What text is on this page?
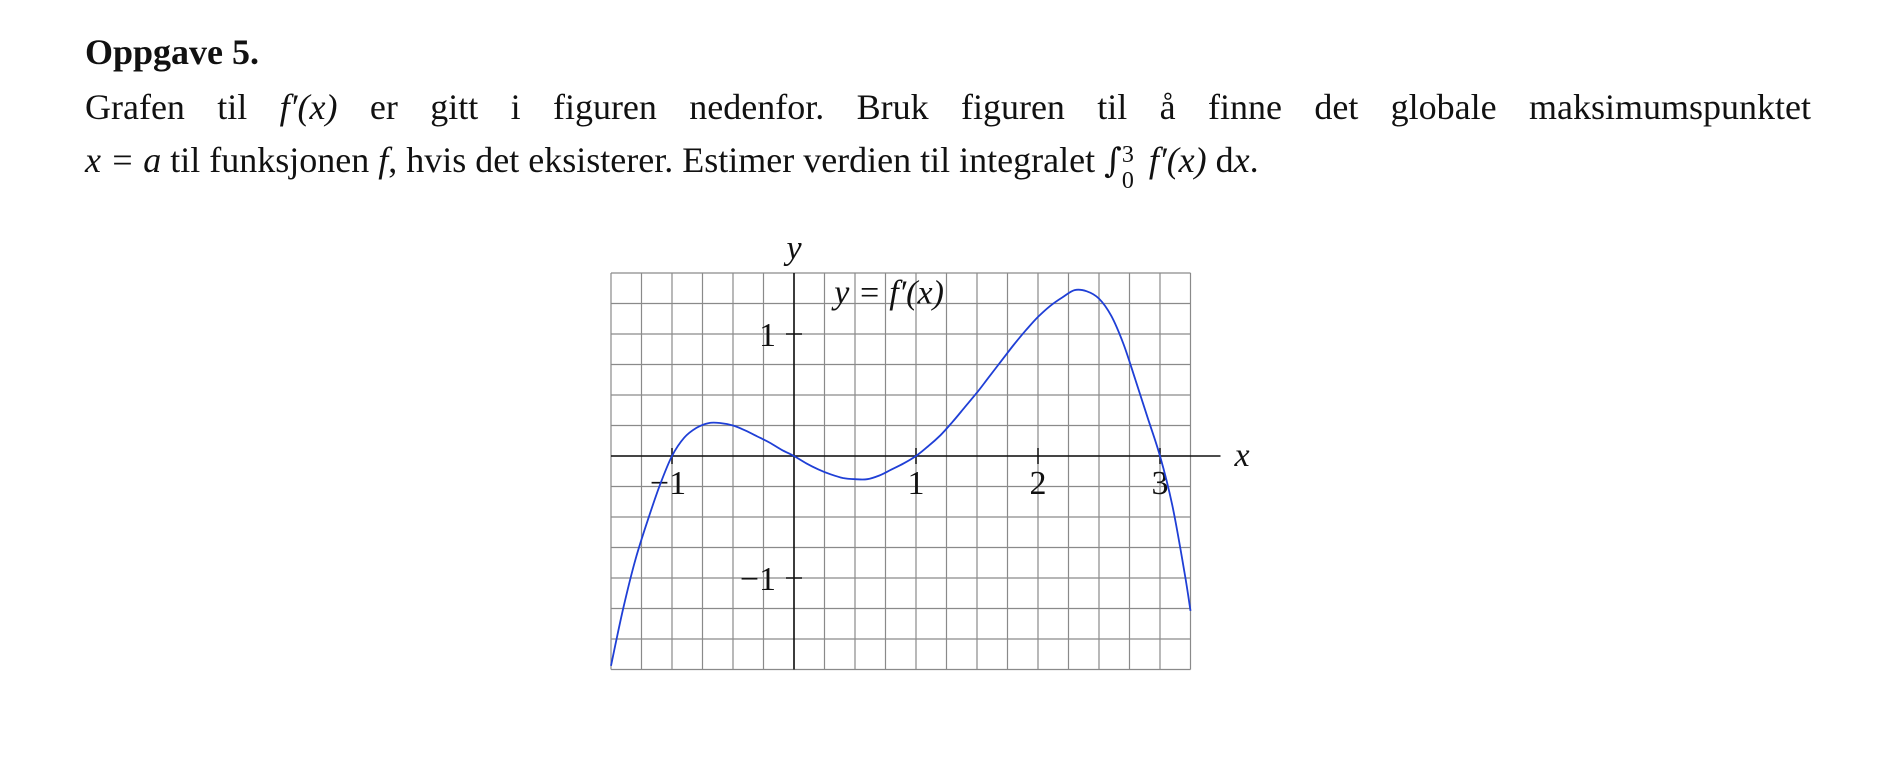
Oppgave 5.
Grafen til f′(x) er gitt i figuren nedenfor. Bruk figuren til å finne det globale maksimumspunktet
x = a til funksjonen f, hvis det eksisterer. Estimer verdien til integralet ∫ 3
0
f′(x) dx.
−1	1	2	3
1
−1
x
y
y = f′(x)
